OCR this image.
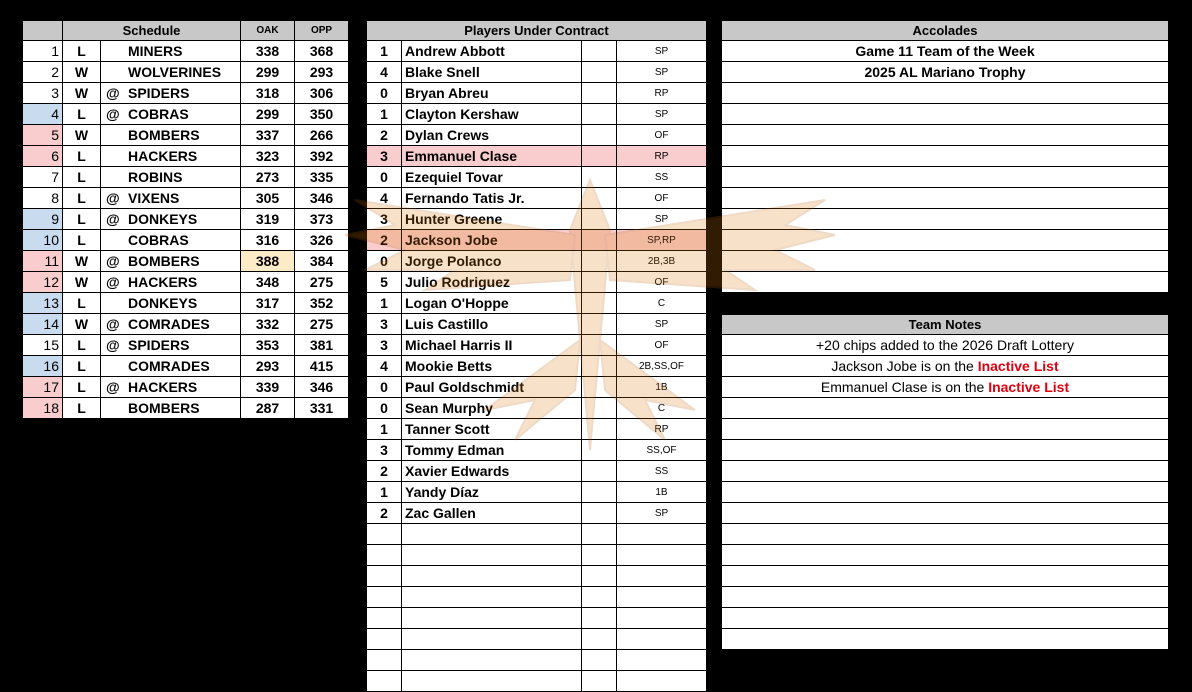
	Schedule		OAK	OPP
1	L	MINERS	338	368
2	W	WOLVERINES	299	293
3	W	@ SPIDERS	318	306
4	L	@ COBRAS	299	350
5	W	BOMBERS	337	266
6	L	HACKERS	323	392
7	L	ROBINS	273	335
8	L	@ VIXENS	305	346
9	L	@ DONKEYS	319	373
10	L	COBRAS	316	326
11	W	@ BOMBERS	388	384
12	W	@ HACKERS	348	275
13	L	DONKEYS	317	352
14	W	@ COMRADES	332	275
15	L	@ SPIDERS	353	381
16	L	COMRADES	293	415
17	L	@ HACKERS	339	346
18	L	BOMBERS	287	331
Players Under Contract			
1	Andrew Abbott		SP
4	Blake Snell		SP
0	Bryan Abreu		RP
1	Clayton Kershaw		SP
2	Dylan Crews		OF
3	Emmanuel Clase		RP
0	Ezequiel Tovar		SS
4	Fernando Tatis Jr.		OF
3	Hunter Greene		SP
2	Jackson Jobe		SP,RP
0	Jorge Polanco		2B,3B
5	Julio Rodriguez		OF
1	Logan O'Hoppe		C
3	Luis Castillo		SP
3	Michael Harris II		OF
4	Mookie Betts		2B,SS,OF
0	Paul Goldschmidt		1B
0	Sean Murphy		C
1	Tanner Scott		RP
3	Tommy Edman		SS,OF
2	Xavier Edwards		SS
1	Yandy Díaz		1B
2	Zac Gallen		SP

Accolades
Game 11 Team of the Week
2025 AL Mariano Trophy

Team Notes
+20 chips added to the 2026 Draft Lottery
Jackson Jobe is on the Inactive List
Emmanuel Clase is on the Inactive List
